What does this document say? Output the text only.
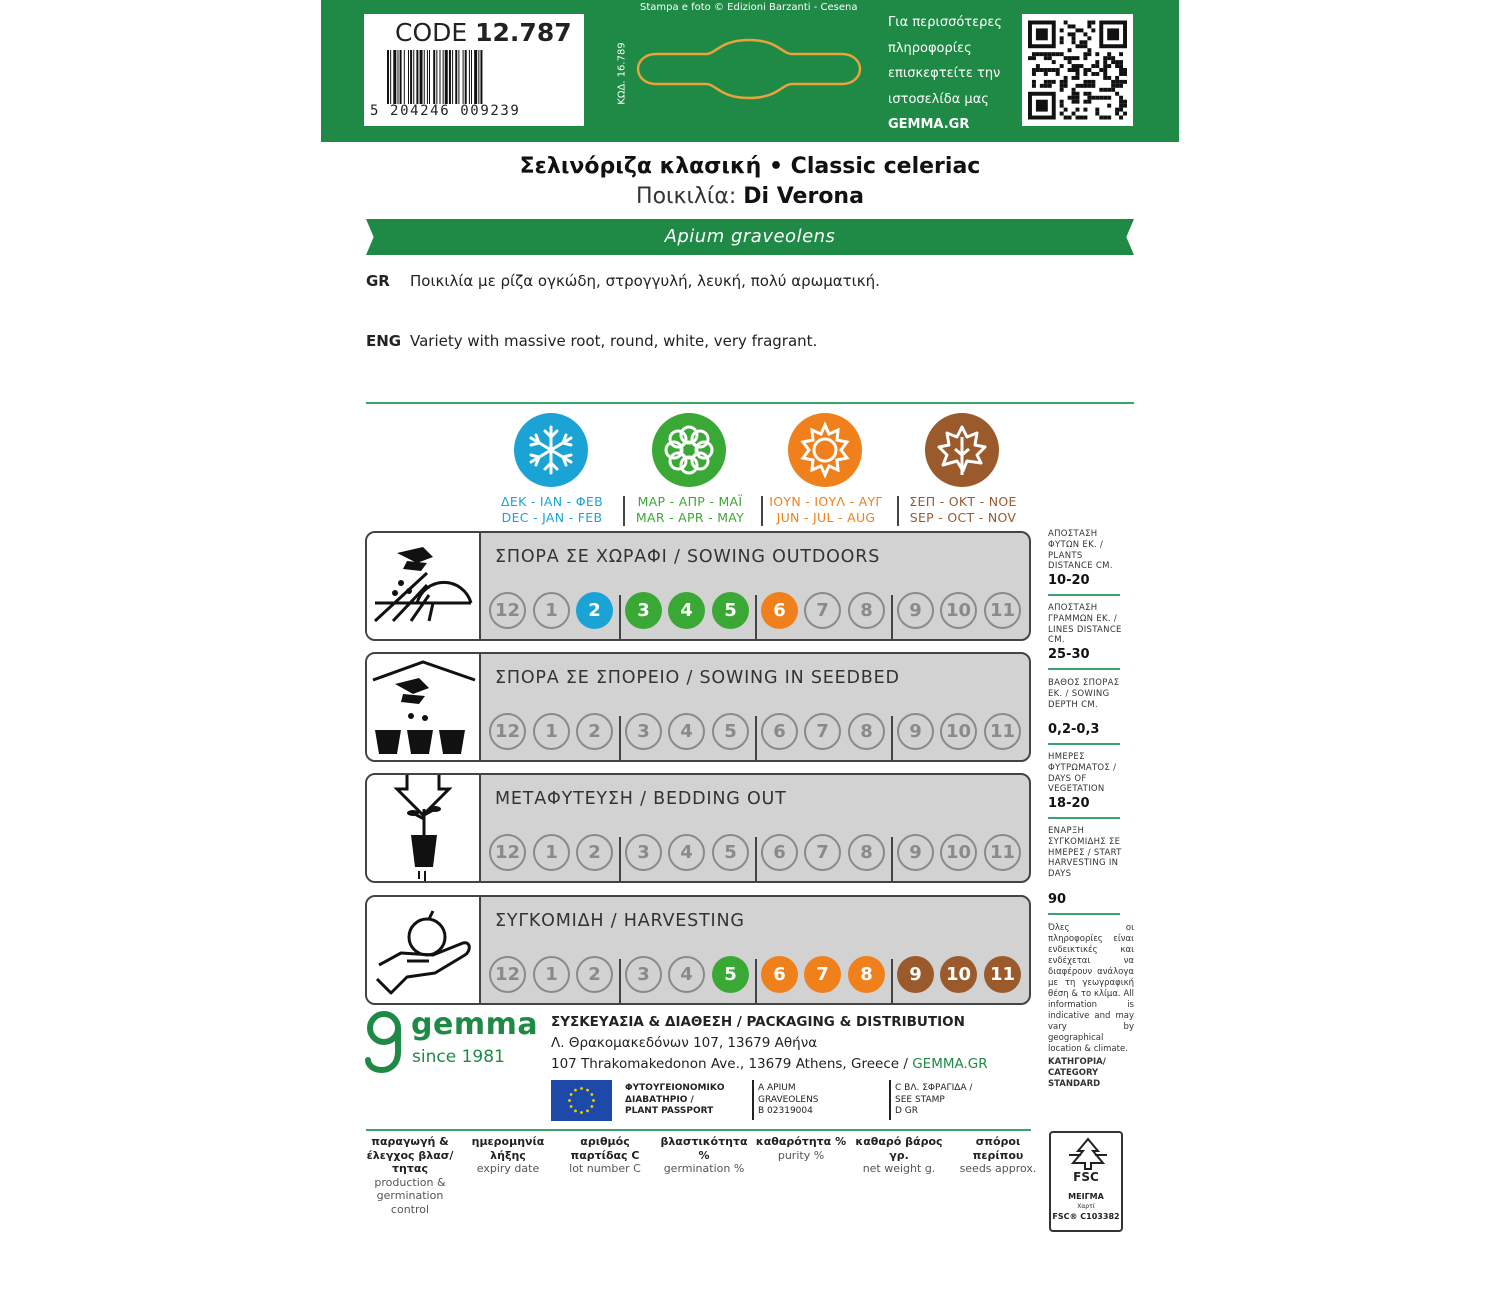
CODE 12.787
5 204246 009239
ΚΩΔ. 16.789
Stampa e foto © Edizioni Barzanti - Cesena
Για περισσότερες
πληροφορίες
επισκεφτείτε την
ιστοσελίδα μας
GEMMA.GR
Σελινόριζα κλασική • Classic celeriac
Ποικιλία: Di Verona
Apium graveolens
GR Ποικιλία με ρίζα ογκώδη, στρογγυλή, λευκή, πολύ αρωματική.
ENG Variety with massive root, round, white, very fragrant.
ΔΕΚ - ΙΑΝ - ΦΕΒ
DEC - JAN - FEB
ΜΑΡ - ΑΠΡ - ΜΑΪ
MAR - APR - MAY
ΙΟΥΝ - ΙΟΥΛ - ΑΥΓ
JUN - JUL - AUG
ΣΕΠ - ΟΚΤ - ΝΟΕ
SEP - OCT - NOV
ΣΠΟΡΑ ΣΕ ΧΩΡΑΦΙ / SOWING OUTDOORS
12	1	2	3	4	5	6	7	8	9	10	11
ΣΠΟΡΑ ΣΕ ΣΠΟΡΕΙΟ / SOWING IN SEEDBED
12	1	2	3	4	5	6	7	8	9	10	11
ΜΕΤΑΦΥΤΕΥΣΗ / BEDDING OUT
12	1	2	3	4	5	6	7	8	9	10	11
ΣΥΓΚΟΜΙΔΗ / HARVESTING
12	1	2	3	4	5	6	7	8	9	10	11
ΑΠΟΣΤΑΣΗ ΦΥΤΩΝ ΕΚ. / PLANTS DISTANCE CM.
10-20
ΑΠΟΣΤΑΣΗ ΓΡΑΜΜΩΝ ΕΚ. / LINES DISTANCE CM.
25-30
ΒΑΘΟΣ ΣΠΟΡΑΣ ΕΚ. / SOWING DEPTH CM.
0,2-0,3
ΗΜΕΡΕΣ ΦΥΤΡΩΜΑΤΟΣ / DAYS OF VEGETATION
18-20
ΕΝΑΡΞΗ ΣΥΓΚΟΜΙΔΗΣ ΣΕ ΗΜΕΡΕΣ / START HARVESTING IN DAYS
90
Όλες οι πληροφορίες είναι ενδεικτικές και ενδέχεται να διαφέρουν ανάλογα με τη γεωγραφική θέση & το κλίμα. All information is indicative and may vary by geographical location & climate.
ΚΑΤΗΓΟΡΙΑ/ CATEGORY STANDARD
gemma
since 1981
ΣΥΣΚΕΥΑΣΙΑ & ΔΙΑΘΕΣΗ / PACKAGING & DISTRIBUTION
Λ. Θρακομακεδόνων 107, 13679 Αθήνα
107 Thrakomakedonon Ave., 13679 Athens, Greece / GEMMA.GR
ΦΥΤΟΥΓΕΙΟΝΟΜΙΚΟ
ΔΙΑΒΑΤΗΡΙΟ /
PLANT PASSPORT
A APIUM
GRAVEOLENS
B 02319004
C ΒΛ. ΣΦΡΑΓΙΔΑ /
SEE STAMP
D GR
παραγωγή & έλεγχος βλασ/τητας
production & germination control
ημερομηνία λήξης
expiry date
αριθμός παρτίδας C
lot number C
βλαστικότητα %
germination %
καθαρότητα %
purity %
καθαρό βάρος γρ.
net weight g.
σπόροι περίπου
seeds approx.
FSC
ΜΕΙΓΜΑ
Χαρτί
FSC® C103382
